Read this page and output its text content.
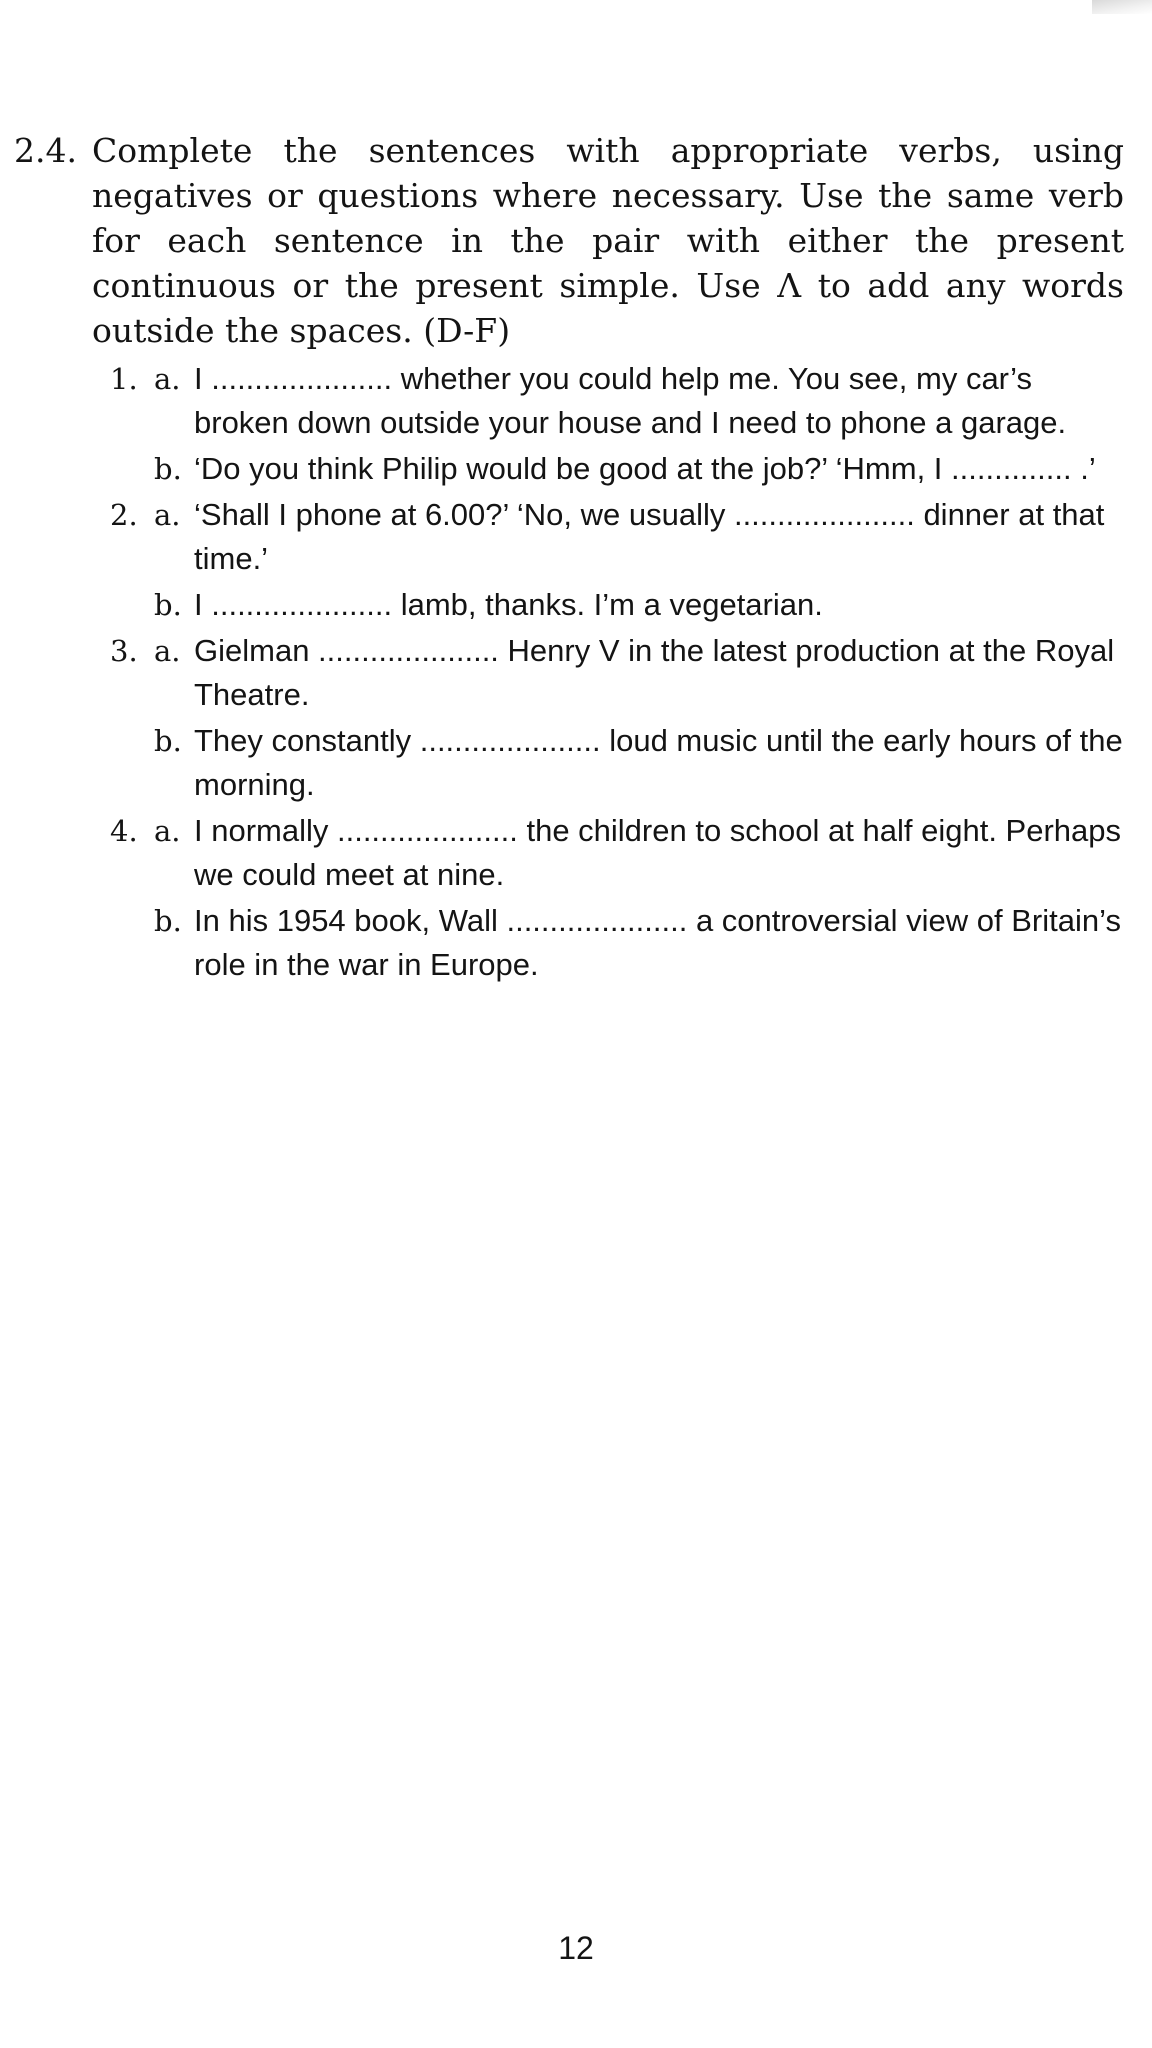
2.4. Complete the sentences with appropriate verbs, using negatives or questions where necessary. Use the same verb for each sentence in the pair with either the present continuous or the present simple. Use Λ to add any words outside the spaces. (D-F)
1. a. I ..................... whether you could help me. You see, my car’s broken down outside your house and I need to phone a garage.
b. ‘Do you think Philip would be good at the job?’ ‘Hmm, I .............. .’
2. a. ‘Shall I phone at 6.00?’ ‘No, we usually ..................... dinner at that time.’
b. I ..................... lamb, thanks. I’m a vegetarian.
3. a. Gielman ..................... Henry V in the latest production at the Royal Theatre.
b. They constantly ..................... loud music until the early hours of the morning.
4. a. I normally ..................... the children to school at half eight. Perhaps we could meet at nine.
b. In his 1954 book, Wall ..................... a controversial view of Britain’s role in the war in Europe.
12
